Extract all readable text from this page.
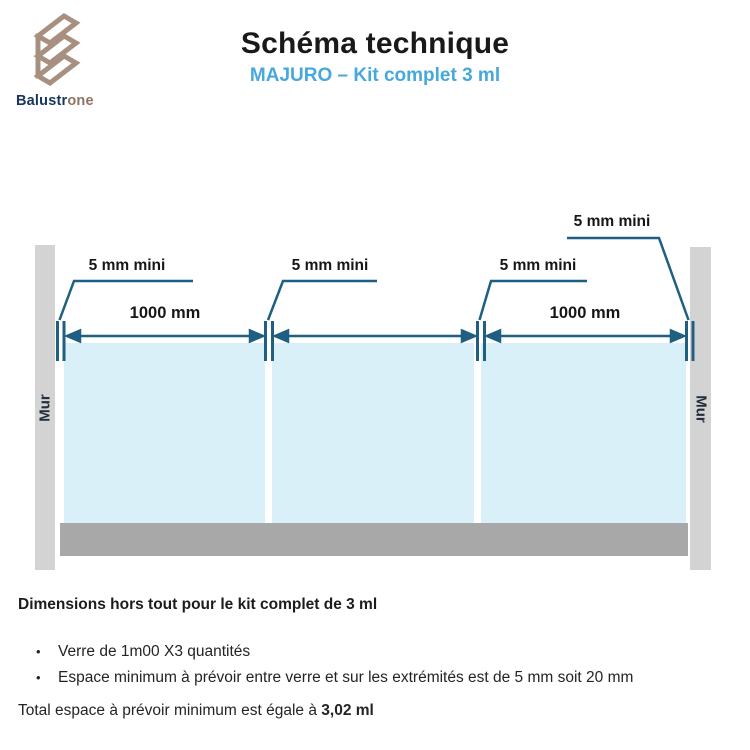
Balustrone
Schéma technique
MAJURO – Kit complet 3 ml
Mur	Mur
5 mm mini	5 mm mini	5 mm mini
5 mm mini
1000 mm	1000 mm

Dimensions hors tout pour le kit complet de 3 ml

•	Verre de 1m00 X3 quantités
•	Espace minimum à prévoir entre verre et sur les extrémités est de 5 mm soit 20 mm

Total espace à prévoir minimum est égale à 3,02 ml
